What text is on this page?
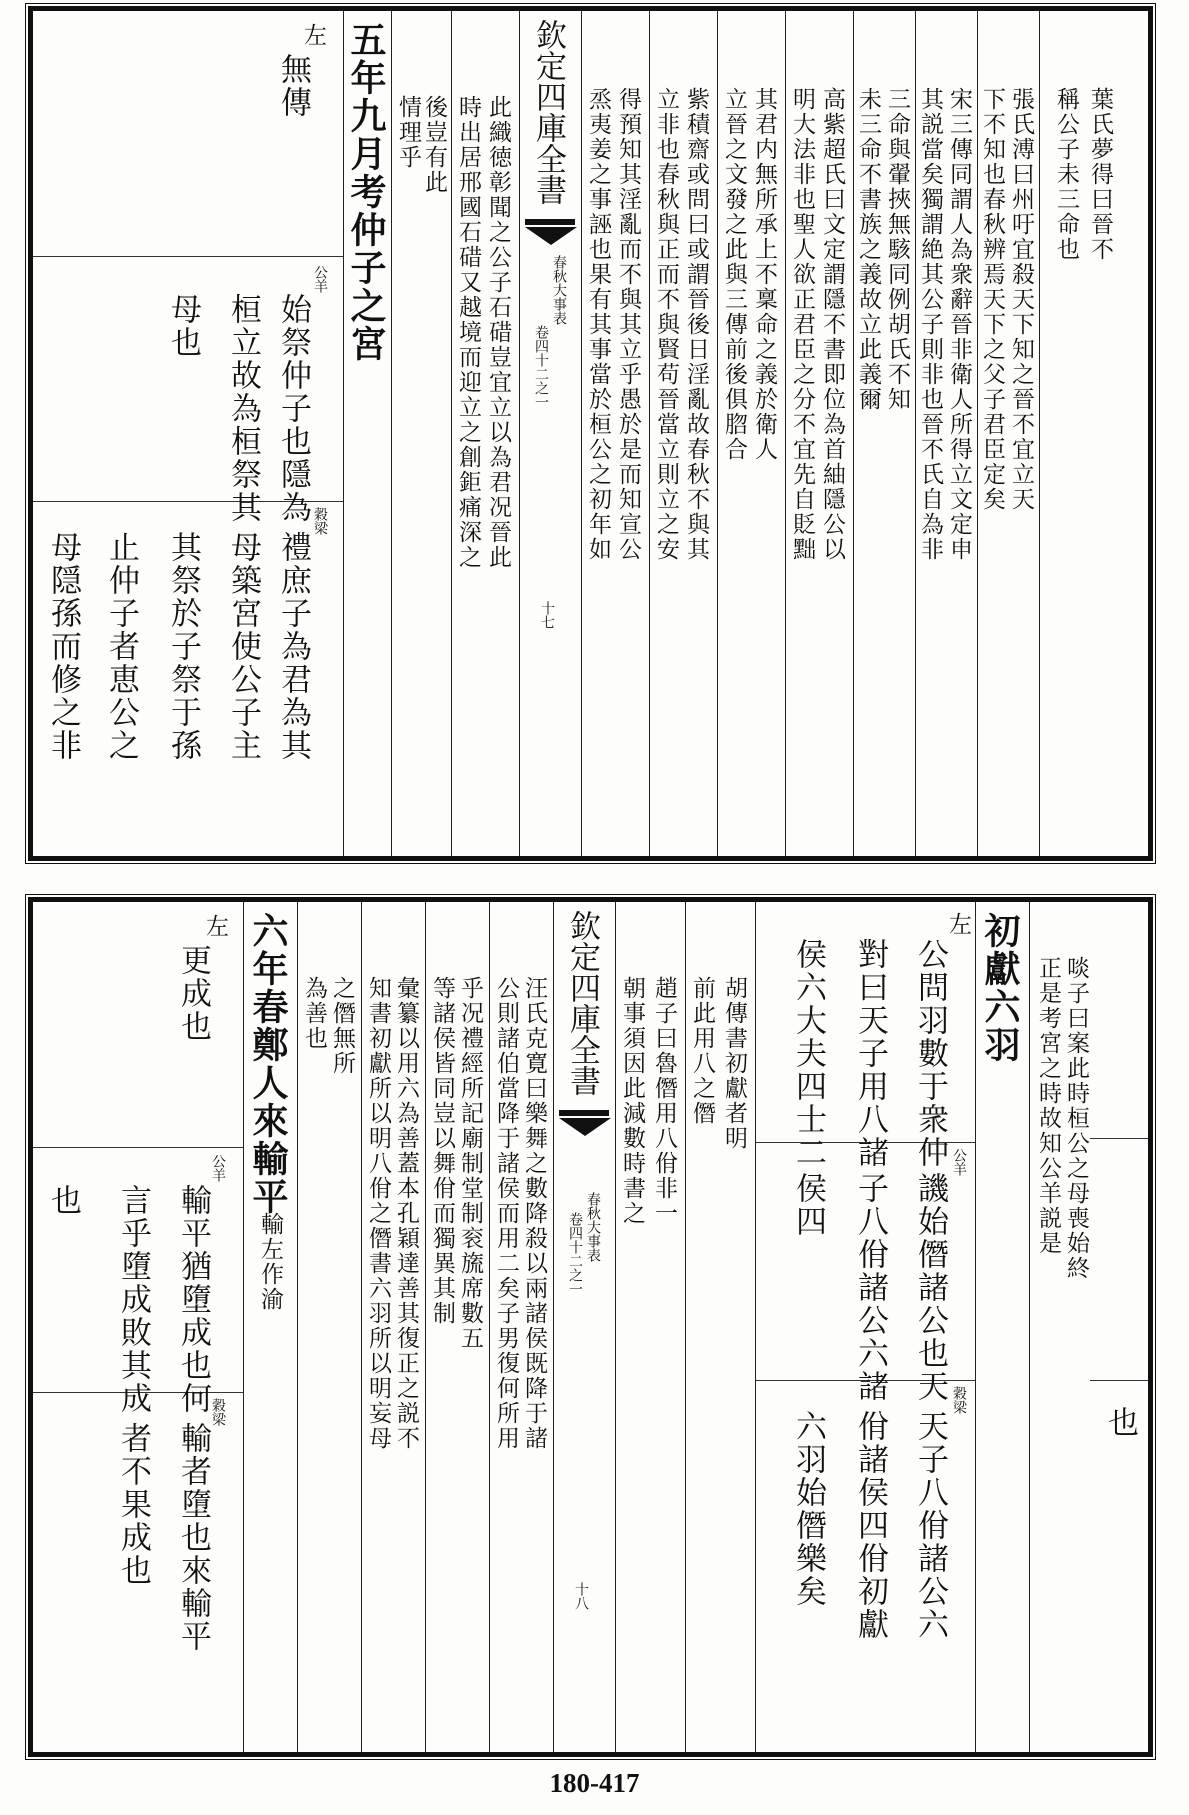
左
無傳
公羊
始祭仲子也隱為
桓立故為桓祭其
母也
穀梁
禮庶子為君為其
母築宮使公子主
其祭於子祭于孫
止仲子者恵公之
母隠孫而修之非
五年九月考仲子之宮 情理乎 後豈有此 時出居邢國石碏又越境而迎立之創鉅痛深之 此織徳彰聞之公子石碏豈宜立以為君况晉此 欽定四庫全書
春秋大事表
卷四十二之一
十七
烝夷姜之事誣也果有其事當於桓公之初年如 得預知其淫亂而不與其立乎愚於是而知宣公 立非也春秋與正而不與賢苟晉當立則立之安 紫積齋或問曰或謂晉後日淫亂故春秋不與其 立晉之文發之此與三傳前後俱脗合 其君内無所承上不稟命之義於衛人 明大法非也聖人欲正君臣之分不宜先自貶黜 高紫超氏曰文定謂隱不書即位為首紬隱公以 未三命不書族之義故立此義爾 三命與翬挾無駭同例胡氏不知 其説當矣獨謂絶其公子則非也晉不氏自為非 宋三傳同謂人為衆辭晉非衛人所得立文定申 下不知也春秋辨焉天下之父子君臣定矣 張氏溥曰州吁宜殺天下知之晉不宜立天 稱公子未三命也 葉氏夢得曰晉不
左
更成也
公羊
輸平猶墮成也何
言乎墮成敗其成
也
穀梁
輸者墮也來輸平
者不果成也
六年春鄭人來輸平
輸左作渝
為善也 之僭無所 知書初獻所以明八佾之僭書六羽所以明妄母 彙纂以用六為善蓋本孔穎達善其復正之説不 等諸侯皆同豈以舞佾而獨異其制 乎况禮經所記廟制堂制衮旒席數五 公則諸伯當降于諸侯而用二矣子男復何所用 汪氏克寛曰樂舞之數降殺以兩諸侯既降于諸 欽定四庫全書
春秋大事表
卷四十二之一
十八
朝事須因此減數時書之 趙子曰魯僭用八佾非一 前此用八之僭 胡傳書初獻者明
左
公問羽數于衆仲
對曰天子用八諸
侯六大夫四士二	公羊
譏始僭諸公也天
子八佾諸公六諸
侯四
穀梁
天子八佾諸公六
佾諸侯四佾初獻
六羽始僭樂矣
初獻六羽 啖子曰案此時桓公之母喪始終
正是考宮之時故知公羊説是
也
180-417
